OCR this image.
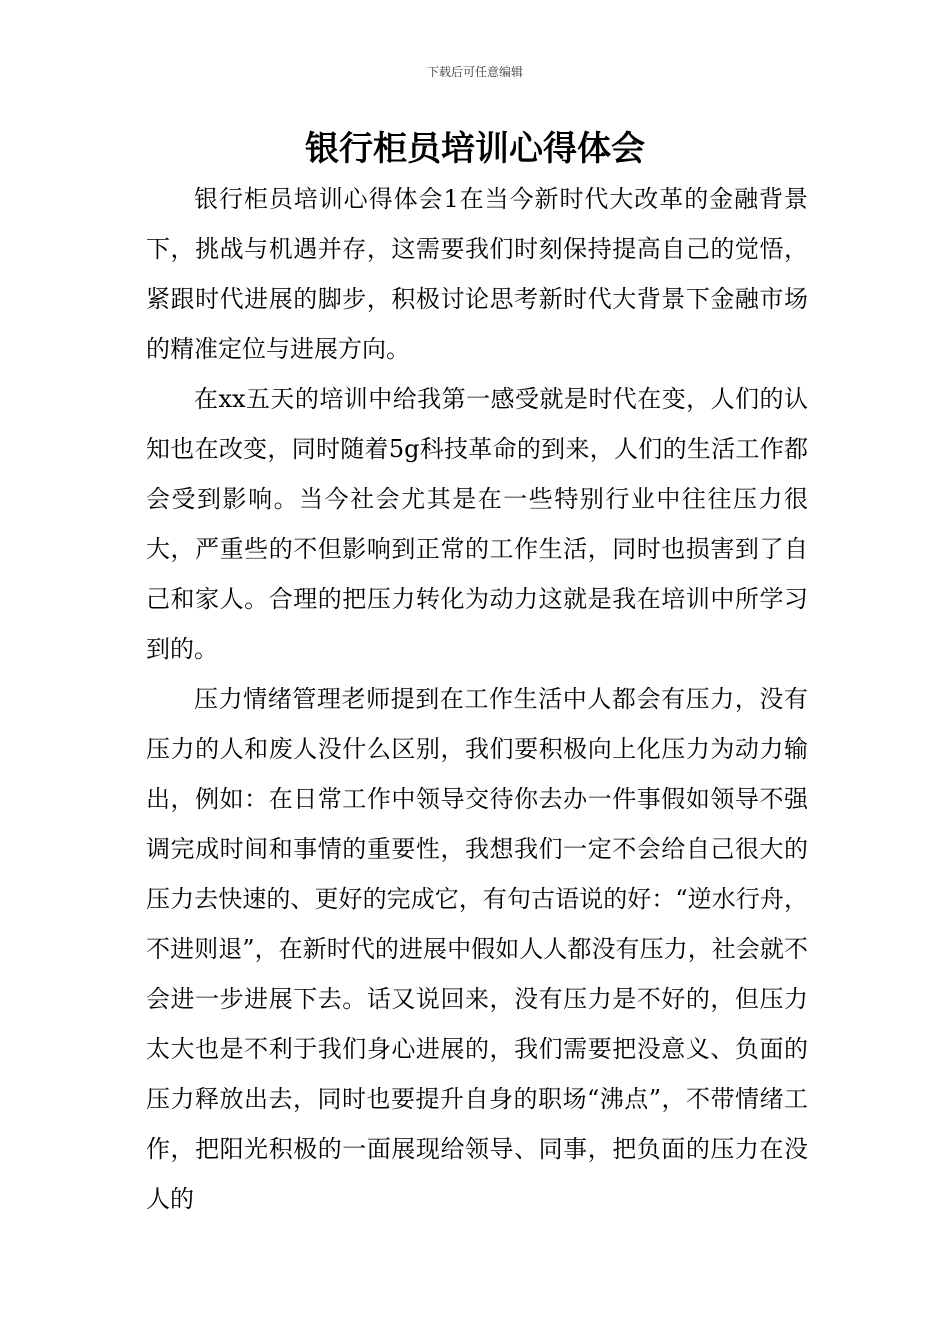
下载后可任意编辑
银行柜员培训心得体会

银行柜员培训心得体会1在当今新时代大改革的金融背景下，挑战与机遇并存，这需要我们时刻保持提高自己的觉悟，紧跟时代进展的脚步，积极讨论思考新时代大背景下金融市场的精准定位与进展方向。

在xx五天的培训中给我第一感受就是时代在变，人们的认知也在改变，同时随着5g科技革命的到来，人们的生活工作都会受到影响。当今社会尤其是在一些特别行业中往往压力很大，严重些的不但影响到正常的工作生活，同时也损害到了自己和家人。合理的把压力转化为动力这就是我在培训中所学习到的。

压力情绪管理老师提到在工作生活中人都会有压力，没有压力的人和废人没什么区别，我们要积极向上化压力为动力输出，例如：在日常工作中领导交待你去办一件事假如领导不强调完成时间和事情的重要性，我想我们一定不会给自己很大的压力去快速的、更好的完成它，有句古语说的好：“逆水行舟，不进则退”，在新时代的进展中假如人人都没有压力，社会就不会进一步进展下去。话又说回来，没有压力是不好的，但压力太大也是不利于我们身心进展的，我们需要把没意义、负面的压力释放出去，同时也要提升自身的职场“沸点”，不带情绪工作，把阳光积极的一面展现给领导、同事，把负面的压力在没人的
